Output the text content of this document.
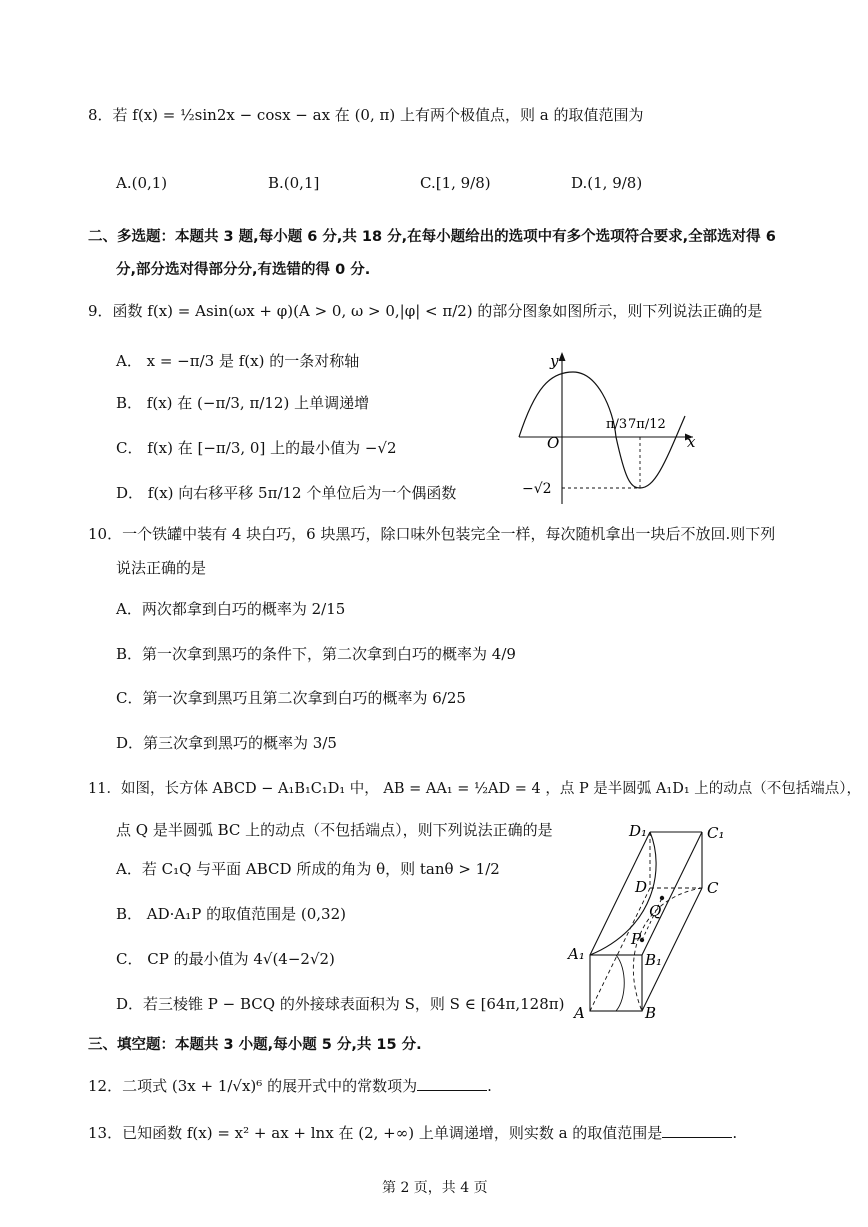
8．若 f(x) = ½sin2x − cosx − ax 在 (0, π) 上有两个极值点，则 a 的取值范围为
A.(0,1)	B.(0,1]	C.[1, 9/8)	D.(1, 9/8)
二、多选题：本题共 3 题,每小题 6 分,共 18 分,在每小题给出的选项中有多个选项符合要求,全部选对得 6
分,部分选对得部分分,有选错的得 0 分.
9．函数 f(x) = Asin(ωx + φ)(A > 0, ω > 0,|φ| < π/2) 的部分图象如图所示，则下列说法正确的是
A． x = −π/3 是 f(x) 的一条对称轴
B． f(x) 在 (−π/3, π/12) 上单调递增
C． f(x) 在 [−π/3, 0] 上的最小值为 −√2
D． f(x) 向右移平移 5π/12 个单位后为一个偶函数
y
x
O
π/3 7π/12
−√2
10．一个铁罐中装有 4 块白巧，6 块黑巧，除口味外包装完全一样，每次随机拿出一块后不放回.则下列
说法正确的是
A．两次都拿到白巧的概率为 2/15
B．第一次拿到黑巧的条件下，第二次拿到白巧的概率为 4/9
C．第一次拿到黑巧且第二次拿到白巧的概率为 6/25
D．第三次拿到黑巧的概率为 3/5
11．如图，长方体 ABCD − A₁B₁C₁D₁ 中， AB = AA₁ = ½AD = 4 ，点 P 是半圆弧 A₁D₁ 上的动点（不包括端点），
点 Q 是半圆弧 BC 上的动点（不包括端点），则下列说法正确的是
A．若 C₁Q 与平面 ABCD 所成的角为 θ，则 tanθ > 1/2
B． AD·A₁P 的取值范围是 (0,32)
C． CP 的最小值为 4√(4−2√2)
D．若三棱锥 P − BCQ 的外接球表面积为 S，则 S ∈ [64π,128π)
D₁	C₁
D	C
Q
P
A₁	B₁
A	B
三、填空题：本题共 3 小题,每小题 5 分,共 15 分.
12．二项式 (3x + 1/√x)⁶ 的展开式中的常数项为	.
13．已知函数 f(x) = x² + ax + lnx 在 (2, +∞) 上单调递增，则实数 a 的取值范围是	.
第 2 页，共 4 页
